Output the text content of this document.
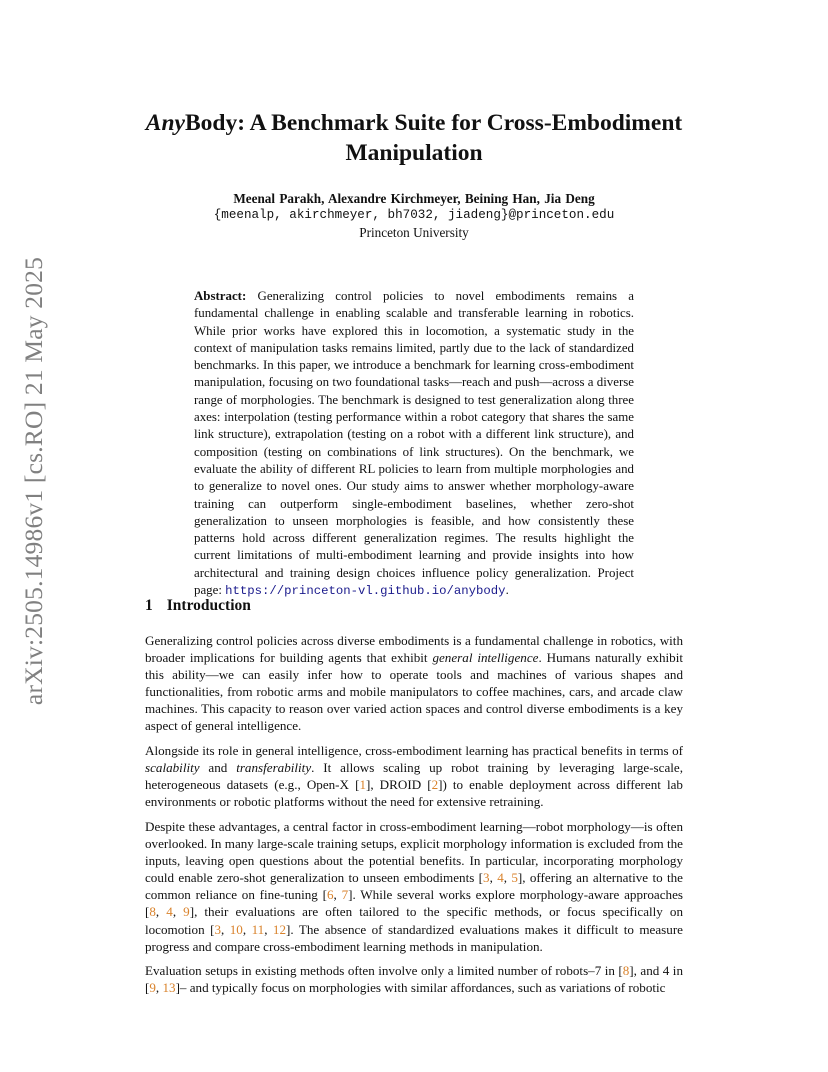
arXiv:2505.14986v1 [cs.RO] 21 May 2025
AnyBody: A Benchmark Suite for Cross-Embodiment
Manipulation
Meenal Parakh, Alexandre Kirchmeyer, Beining Han, Jia Deng
{meenalp, akirchmeyer, bh7032, jiadeng}@princeton.edu
Princeton University
Abstract: Generalizing control policies to novel embodiments remains a fundamental challenge in enabling scalable and transferable learning in robotics. While prior works have explored this in locomotion, a systematic study in the context of manipulation tasks remains limited, partly due to the lack of standardized benchmarks. In this paper, we introduce a benchmark for learning cross-embodiment manipulation, focusing on two foundational tasks—reach and push—across a diverse range of morphologies. The benchmark is designed to test generalization along three axes: interpolation (testing performance within a robot category that shares the same link structure), extrapolation (testing on a robot with a different link structure), and composition (testing on combinations of link structures). On the benchmark, we evaluate the ability of different RL policies to learn from multiple morphologies and to generalize to novel ones. Our study aims to answer whether morphology-aware training can outperform single-embodiment baselines, whether zero-shot generalization to unseen morphologies is feasible, and how consistently these patterns hold across different generalization regimes. The results highlight the current limitations of multi-embodiment learning and provide insights into how architectural and training design choices influence policy generalization. Project page: https://princeton-vl.github.io/anybody.
1 Introduction

Generalizing control policies across diverse embodiments is a fundamental challenge in robotics, with broader implications for building agents that exhibit general intelligence. Humans naturally exhibit this ability—we can easily infer how to operate tools and machines of various shapes and functionalities, from robotic arms and mobile manipulators to coffee machines, cars, and arcade claw machines. This capacity to reason over varied action spaces and control diverse embodiments is a key aspect of general intelligence.

Alongside its role in general intelligence, cross-embodiment learning has practical benefits in terms of scalability and transferability. It allows scaling up robot training by leveraging large-scale, heterogeneous datasets (e.g., Open-X [1], DROID [2]) to enable deployment across different lab environments or robotic platforms without the need for extensive retraining.

Despite these advantages, a central factor in cross-embodiment learning—robot morphology—is often overlooked. In many large-scale training setups, explicit morphology information is excluded from the inputs, leaving open questions about the potential benefits. In particular, incorporating morphology could enable zero-shot generalization to unseen embodiments [3, 4, 5], offering an alternative to the common reliance on fine-tuning [6, 7]. While several works explore morphology-aware approaches [8, 4, 9], their evaluations are often tailored to the specific methods, or focus specifically on locomotion [3, 10, 11, 12]. The absence of standardized evaluations makes it difficult to measure progress and compare cross-embodiment learning methods in manipulation.

Evaluation setups in existing methods often involve only a limited number of robots–7 in [8], and 4 in [9, 13]– and typically focus on morphologies with similar affordances, such as variations of robotic
